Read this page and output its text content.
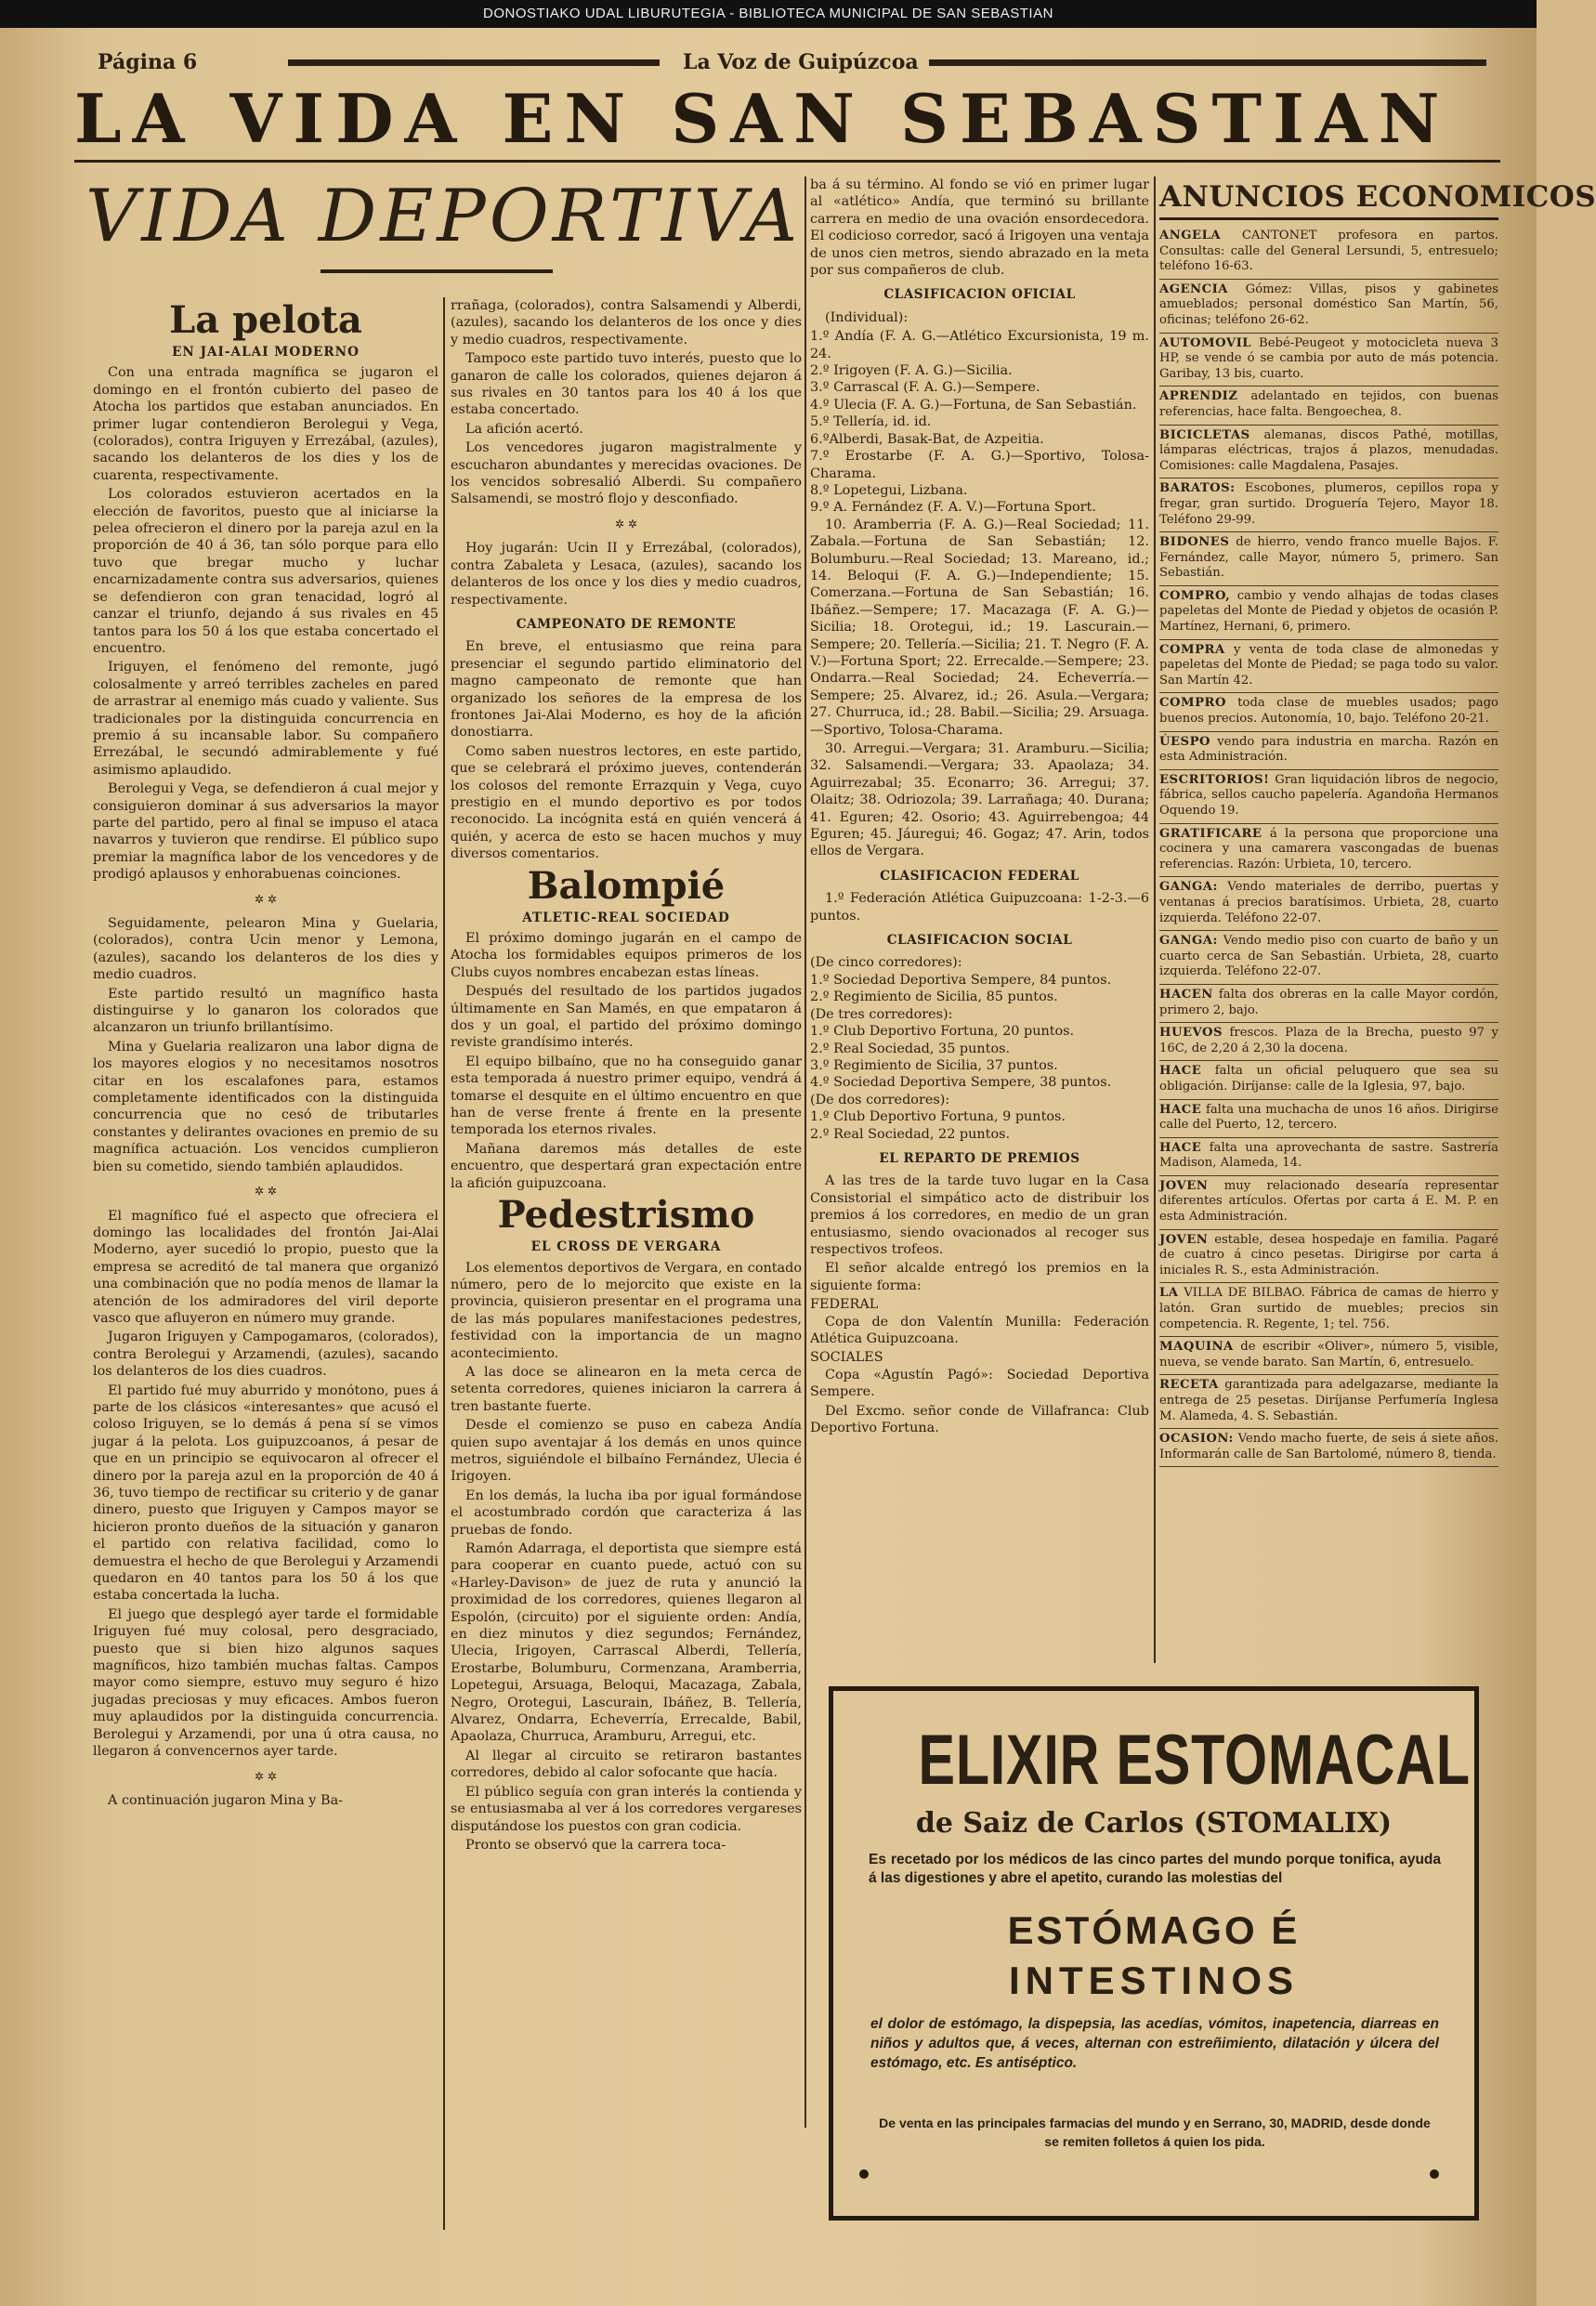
DONOSTIAKO UDAL LIBURUTEGIA - BIBLIOTECA MUNICIPAL DE SAN SEBASTIAN
Página 6	La Voz de Guipúzcoa
LA VIDA EN SAN SEBASTIAN
VIDA DEPORTIVA
La pelota
EN JAI-ALAI MODERNO

Con una entrada magnífica se jugaron el domingo en el frontón cubierto del paseo de Atocha los partidos que estaban anunciados. En primer lugar contendieron Berolegui y Vega, (colorados), contra Iriguyen y Errezábal, (azules), sacando los delanteros de los dies y los de cuarenta, respectivamente.

Los colorados estuvieron acertados en la elección de favoritos, puesto que al iniciarse la pelea ofrecieron el dinero por la pareja azul en la proporción de 40 á 36, tan sólo porque para ello tuvo que bregar mucho y luchar encarnizadamente contra sus adversarios, quienes se defendieron con gran tenacidad, logró al canzar el triunfo, dejando á sus rivales en 45 tantos para los 50 á los que estaba concertado el encuentro.

Iriguyen, el fenómeno del remonte, jugó colosalmente y arreó terribles zacheles en pared de arrastrar al enemigo más cuado y valiente. Sus tradicionales por la distinguida concurrencia en premio á su incansable labor. Su compañero Errezábal, le secundó admirablemente y fué asimismo aplaudido.

Berolegui y Vega, se defendieron á cual mejor y consiguieron dominar á sus adversarios la mayor parte del partido, pero al final se impuso el ataca navarros y tuvieron que rendirse. El público supo premiar la magnífica labor de los vencedores y de prodigó aplausos y enhorabuenas coinciones.

✲ ✲

Seguidamente, pelearon Mina y Guelaria, (colorados), contra Ucin menor y Lemona, (azules), sacando los delanteros de los dies y medio cuadros.

Este partido resultó un magnífico hasta distinguirse y lo ganaron los colorados que alcanzaron un triunfo brillantísimo.

Mina y Guelaria realizaron una labor digna de los mayores elogios y no necesitamos nosotros citar en los escalafones para, estamos completamente identificados con la distinguida concurrencia que no cesó de tributarles constantes y delirantes ovaciones en premio de su magnífica actuación. Los vencidos cumplieron bien su cometido, siendo también aplaudidos.

✲ ✲

El magnífico fué el aspecto que ofreciera el domingo las localidades del frontón Jai-Alai Moderno, ayer sucedió lo propio, puesto que la empresa se acreditó de tal manera que organizó una combinación que no podía menos de llamar la atención de los admiradores del viril deporte vasco que afluyeron en número muy grande.

Jugaron Iriguyen y Campogamaros, (colorados), contra Berolegui y Arzamendi, (azules), sacando los delanteros de los dies cuadros.

El partido fué muy aburrido y monótono, pues á parte de los clásicos «interesantes» que acusó el coloso Iriguyen, se lo demás á pena sí se vimos jugar á la pelota. Los guipuzcoanos, á pesar de que en un principio se equivocaron al ofrecer el dinero por la pareja azul en la proporción de 40 á 36, tuvo tiempo de rectificar su criterio y de ganar dinero, puesto que Iriguyen y Campos mayor se hicieron pronto dueños de la situación y ganaron el partido con relativa facilidad, como lo demuestra el hecho de que Berolegui y Arzamendi quedaron en 40 tantos para los 50 á los que estaba concertada la lucha.

El juego que desplegó ayer tarde el formidable Iriguyen fué muy colosal, pero desgraciado, puesto que si bien hizo algunos saques magníficos, hizo también muchas faltas. Campos mayor como siempre, estuvo muy seguro é hizo jugadas preciosas y muy eficaces. Ambos fueron muy aplaudidos por la distinguida concurrencia. Berolegui y Arzamendi, por una ú otra causa, no llegaron á convencernos ayer tarde.

✲ ✲

A continuación jugaron Mina y Ba-

rrañaga, (colorados), contra Salsamendi y Alberdi, (azules), sacando los delanteros de los once y dies y medio cuadros, respectivamente.

Tampoco este partido tuvo interés, puesto que lo ganaron de calle los colorados, quienes dejaron á sus rivales en 30 tantos para los 40 á los que estaba concertado.

La afición acertó.

Los vencedores jugaron magistralmente y escucharon abundantes y merecidas ovaciones. De los vencidos sobresalió Alberdi. Su compañero Salsamendi, se mostró flojo y desconfiado.

✲ ✲

Hoy jugarán: Ucin II y Errezábal, (colorados), contra Zabaleta y Lesaca, (azules), sacando los delanteros de los once y los dies y medio cuadros, respectivamente.

CAMPEONATO DE REMONTE

En breve, el entusiasmo que reina para presenciar el segundo partido eliminatorio del magno campeonato de remonte que han organizado los señores de la empresa de los frontones Jai-Alai Moderno, es hoy de la afición donostiarra.

Como saben nuestros lectores, en este partido, que se celebrará el próximo jueves, contenderán los colosos del remonte Errazquin y Vega, cuyo prestigio en el mundo deportivo es por todos reconocido. La incógnita está en quién vencerá á quién, y acerca de esto se hacen muchos y muy diversos comentarios.

Balompié
ATLETIC-REAL SOCIEDAD

El próximo domingo jugarán en el campo de Atocha los formidables equipos primeros de los Clubs cuyos nombres encabezan estas líneas.

Después del resultado de los partidos jugados últimamente en San Mamés, en que empataron á dos y un goal, el partido del próximo domingo reviste grandísimo interés.

El equipo bilbaíno, que no ha conseguido ganar esta temporada á nuestro primer equipo, vendrá á tomarse el desquite en el último encuentro en que han de verse frente á frente en la presente temporada los eternos rivales.

Mañana daremos más detalles de este encuentro, que despertará gran expectación entre la afición guipuzcoana.

Pedestrismo
EL CROSS DE VERGARA

Los elementos deportivos de Vergara, en contado número, pero de lo mejorcito que existe en la provincia, quisieron presentar en el programa una de las más populares manifestaciones pedestres, festividad con la importancia de un magno acontecimiento.

A las doce se alinearon en la meta cerca de setenta corredores, quienes iniciaron la carrera á tren bastante fuerte.

Desde el comienzo se puso en cabeza Andía quien supo aventajar á los demás en unos quince metros, siguiéndole el bilbaíno Fernández, Ulecia é Irigoyen.

En los demás, la lucha iba por igual formándose el acostumbrado cordón que caracteriza á las pruebas de fondo.

Ramón Adarraga, el deportista que siempre está para cooperar en cuanto puede, actuó con su «Harley-Davison» de juez de ruta y anunció la proximidad de los corredores, quienes llegaron al Espolón, (circuito) por el siguiente orden: Andía, en diez minutos y diez segundos; Fernández, Ulecia, Irigoyen, Carrascal Alberdi, Tellería, Erostarbe, Bolumburu, Cormenzana, Aramberria, Lopetegui, Arsuaga, Beloqui, Macazaga, Zabala, Negro, Orotegui, Lascurain, Ibáñez, B. Tellería, Alvarez, Ondarra, Echeverría, Errecalde, Babil, Apaolaza, Churruca, Aramburu, Arregui, etc.

Al llegar al circuito se retiraron bastantes corredores, debido al calor sofocante que hacía.

El público seguía con gran interés la contienda y se entusiasmaba al ver á los corredores vergareses disputándose los puestos con gran codicia.

Pronto se observó que la carrera toca-

ba á su término. Al fondo se vió en primer lugar al «atlético» Andía, que terminó su brillante carrera en medio de una ovación ensordecedora. El codicioso corredor, sacó á Irigoyen una ventaja de unos cien metros, siendo abrazado en la meta por sus compañeros de club.

CLASIFICACION OFICIAL

(Individual):

1.º Andía (F. A. G.—Atlético Excursionista, 19 m. 24.
2.º Irigoyen (F. A. G.)—Sicilia.
3.º Carrascal (F. A. G.)—Sempere.
4.º Ulecia (F. A. G.)—Fortuna, de San Sebastián.
5.º Tellería, id. id.
6.ºAlberdi, Basak-Bat, de Azpeitia.
7.º Erostarbe (F. A. G.)—Sportivo, Tolosa-Charama.
8.º Lopetegui, Lizbana.
9.º A. Fernández (F. A. V.)—Fortuna Sport.

10. Aramberria (F. A. G.)—Real Sociedad; 11. Zabala.—Fortuna de San Sebastián; 12. Bolumburu.—Real Sociedad; 13. Mareano, id.; 14. Beloqui (F. A. G.)—Independiente; 15. Comerzana.—Fortuna de San Sebastián; 16. Ibáñez.—Sempere; 17. Macazaga (F. A. G.)—Sicilia; 18. Orotegui, id.; 19. Lascurain.—Sempere; 20. Tellería.—Sicilia; 21. T. Negro (F. A. V.)—Fortuna Sport; 22. Errecalde.—Sempere; 23. Ondarra.—Real Sociedad; 24. Echeverría.—Sempere; 25. Alvarez, id.; 26. Asula.—Vergara; 27. Churruca, id.; 28. Babil.—Sicilia; 29. Arsuaga.—Sportivo, Tolosa-Charama.

30. Arregui.—Vergara; 31. Aramburu.—Sicilia; 32. Salsamendi.—Vergara; 33. Apaolaza; 34. Aguirrezabal; 35. Econarro; 36. Arregui; 37. Olaitz; 38. Odriozola; 39. Larrañaga; 40. Durana; 41. Eguren; 42. Osorio; 43. Aguirrebengoa; 44 Eguren; 45. Jáuregui; 46. Gogaz; 47. Arin, todos ellos de Vergara.

CLASIFICACION FEDERAL

1.º Federación Atlética Guipuzcoana: 1-2-3.—6 puntos.

CLASIFICACION SOCIAL
(De cinco corredores):
1.º Sociedad Deportiva Sempere, 84 puntos.
2.º Regimiento de Sicilia, 85 puntos.
(De tres corredores):
1.º Club Deportivo Fortuna, 20 puntos.
2.º Real Sociedad, 35 puntos.
3.º Regimiento de Sicilia, 37 puntos.
4.º Sociedad Deportiva Sempere, 38 puntos.
(De dos corredores):
1.º Club Deportivo Fortuna, 9 puntos.
2.º Real Sociedad, 22 puntos.
EL REPARTO DE PREMIOS

A las tres de la tarde tuvo lugar en la Casa Consistorial el simpático acto de distribuir los premios á los corredores, en medio de un gran entusiasmo, siendo ovacionados al recoger sus respectivos trofeos.

El señor alcalde entregó los premios en la siguiente forma:

FEDERAL

Copa de don Valentín Munilla: Federación Atlética Guipuzcoana.

SOCIALES

Copa «Agustín Pagó»: Sociedad Deportiva Sempere.

Del Excmo. señor conde de Villafranca: Club Deportivo Fortuna.

ANUNCIOS ECONOMICOS
ANGELA CANTONET profesora en partos. Consultas: calle del General Lersundi, 5, entresuelo; teléfono 16-63.
AGENCIA Gómez: Villas, pisos y gabinetes amueblados; personal doméstico San Martín, 56, oficinas; teléfono 26-62.
AUTOMOVIL Bebé-Peugeot y motocicleta nueva 3 HP, se vende ó se cambia por auto de más potencia. Garibay, 13 bis, cuarto.
APRENDIZ adelantado en tejidos, con buenas referencias, hace falta. Bengoechea, 8.
BICICLETAS alemanas, discos Pathé, motillas, lámparas eléctricas, trajos á plazos, menudadas. Comisiones: calle Magdalena, Pasajes.
BARATOS: Escobones, plumeros, cepillos ropa y fregar, gran surtido. Droguería Tejero, Mayor 18. Teléfono 29-99.
BIDONES de hierro, vendo franco muelle Bajos. F. Fernández, calle Mayor, número 5, primero. San Sebastián.
COMPRO, cambio y vendo alhajas de todas clases papeletas del Monte de Piedad y objetos de ocasión P. Martínez, Hernani, 6, primero.
COMPRA y venta de toda clase de almonedas y papeletas del Monte de Piedad; se paga todo su valor. San Martín 42.
COMPRO toda clase de muebles usados; pago buenos precios. Autonomía, 10, bajo. Teléfono 20-21.
ÚESPO vendo para industria en marcha. Razón en esta Administración.
ESCRITORIOS! Gran liquidación libros de negocio, fábrica, sellos caucho papelería. Agandoña Hermanos Oquendo 19.
GRATIFICARE á la persona que proporcione una cocinera y una camarera vascongadas de buenas referencias. Razón: Urbieta, 10, tercero.
GANGA: Vendo materiales de derribo, puertas y ventanas á precios baratísimos. Urbieta, 28, cuarto izquierda. Teléfono 22-07.
GANGA: Vendo medio piso con cuarto de baño y un cuarto cerca de San Sebastián. Urbieta, 28, cuarto izquierda. Teléfono 22-07.
HACEN falta dos obreras en la calle Mayor cordón, primero 2, bajo.
HUEVOS frescos. Plaza de la Brecha, puesto 97 y 16C, de 2,20 á 2,30 la docena.
HACE falta un oficial peluquero que sea su obligación. Diríjanse: calle de la Iglesia, 97, bajo.
HACE falta una muchacha de unos 16 años. Dirigirse calle del Puerto, 12, tercero.
HACE falta una aprovechanta de sastre. Sastrería Madison, Alameda, 14.
JOVEN muy relacionado desearía representar diferentes artículos. Ofertas por carta á E. M. P. en esta Administración.
JOVEN estable, desea hospedaje en familia. Pagaré de cuatro á cinco pesetas. Dirigirse por carta á iniciales R. S., esta Administración.
LA VILLA DE BILBAO. Fábrica de camas de hierro y latón. Gran surtido de muebles; precios sin competencia. R. Regente, 1; tel. 756.
MAQUINA de escribir «Oliver», número 5, visible, nueva, se vende barato. San Martín, 6, entresuelo.
RECETA garantizada para adelgazarse, mediante la entrega de 25 pesetas. Diríjanse Perfumería Inglesa M. Alameda, 4. S. Sebastián.
OCASION: Vendo macho fuerte, de seis á siete años. Informarán calle de San Bartolomé, número 8, tienda.
ELIXIR ESTOMACAL
de Saiz de Carlos (STOMALIX)
Es recetado por los médicos de las cinco partes del mundo porque tonifica, ayuda á las digestiones y abre el apetito, curando las molestias del
ESTÓMAGO É
INTESTINOS
el dolor de estómago, la dispepsia, las acedías, vómitos, inapetencia, diarreas en niños y adultos que, á veces, alternan con estreñimiento, dilatación y úlcera del estómago, etc. Es antiséptico.
De venta en las principales farmacias del mundo y en Serrano, 30, MADRID, desde donde se remiten folletos á quien los pida.
